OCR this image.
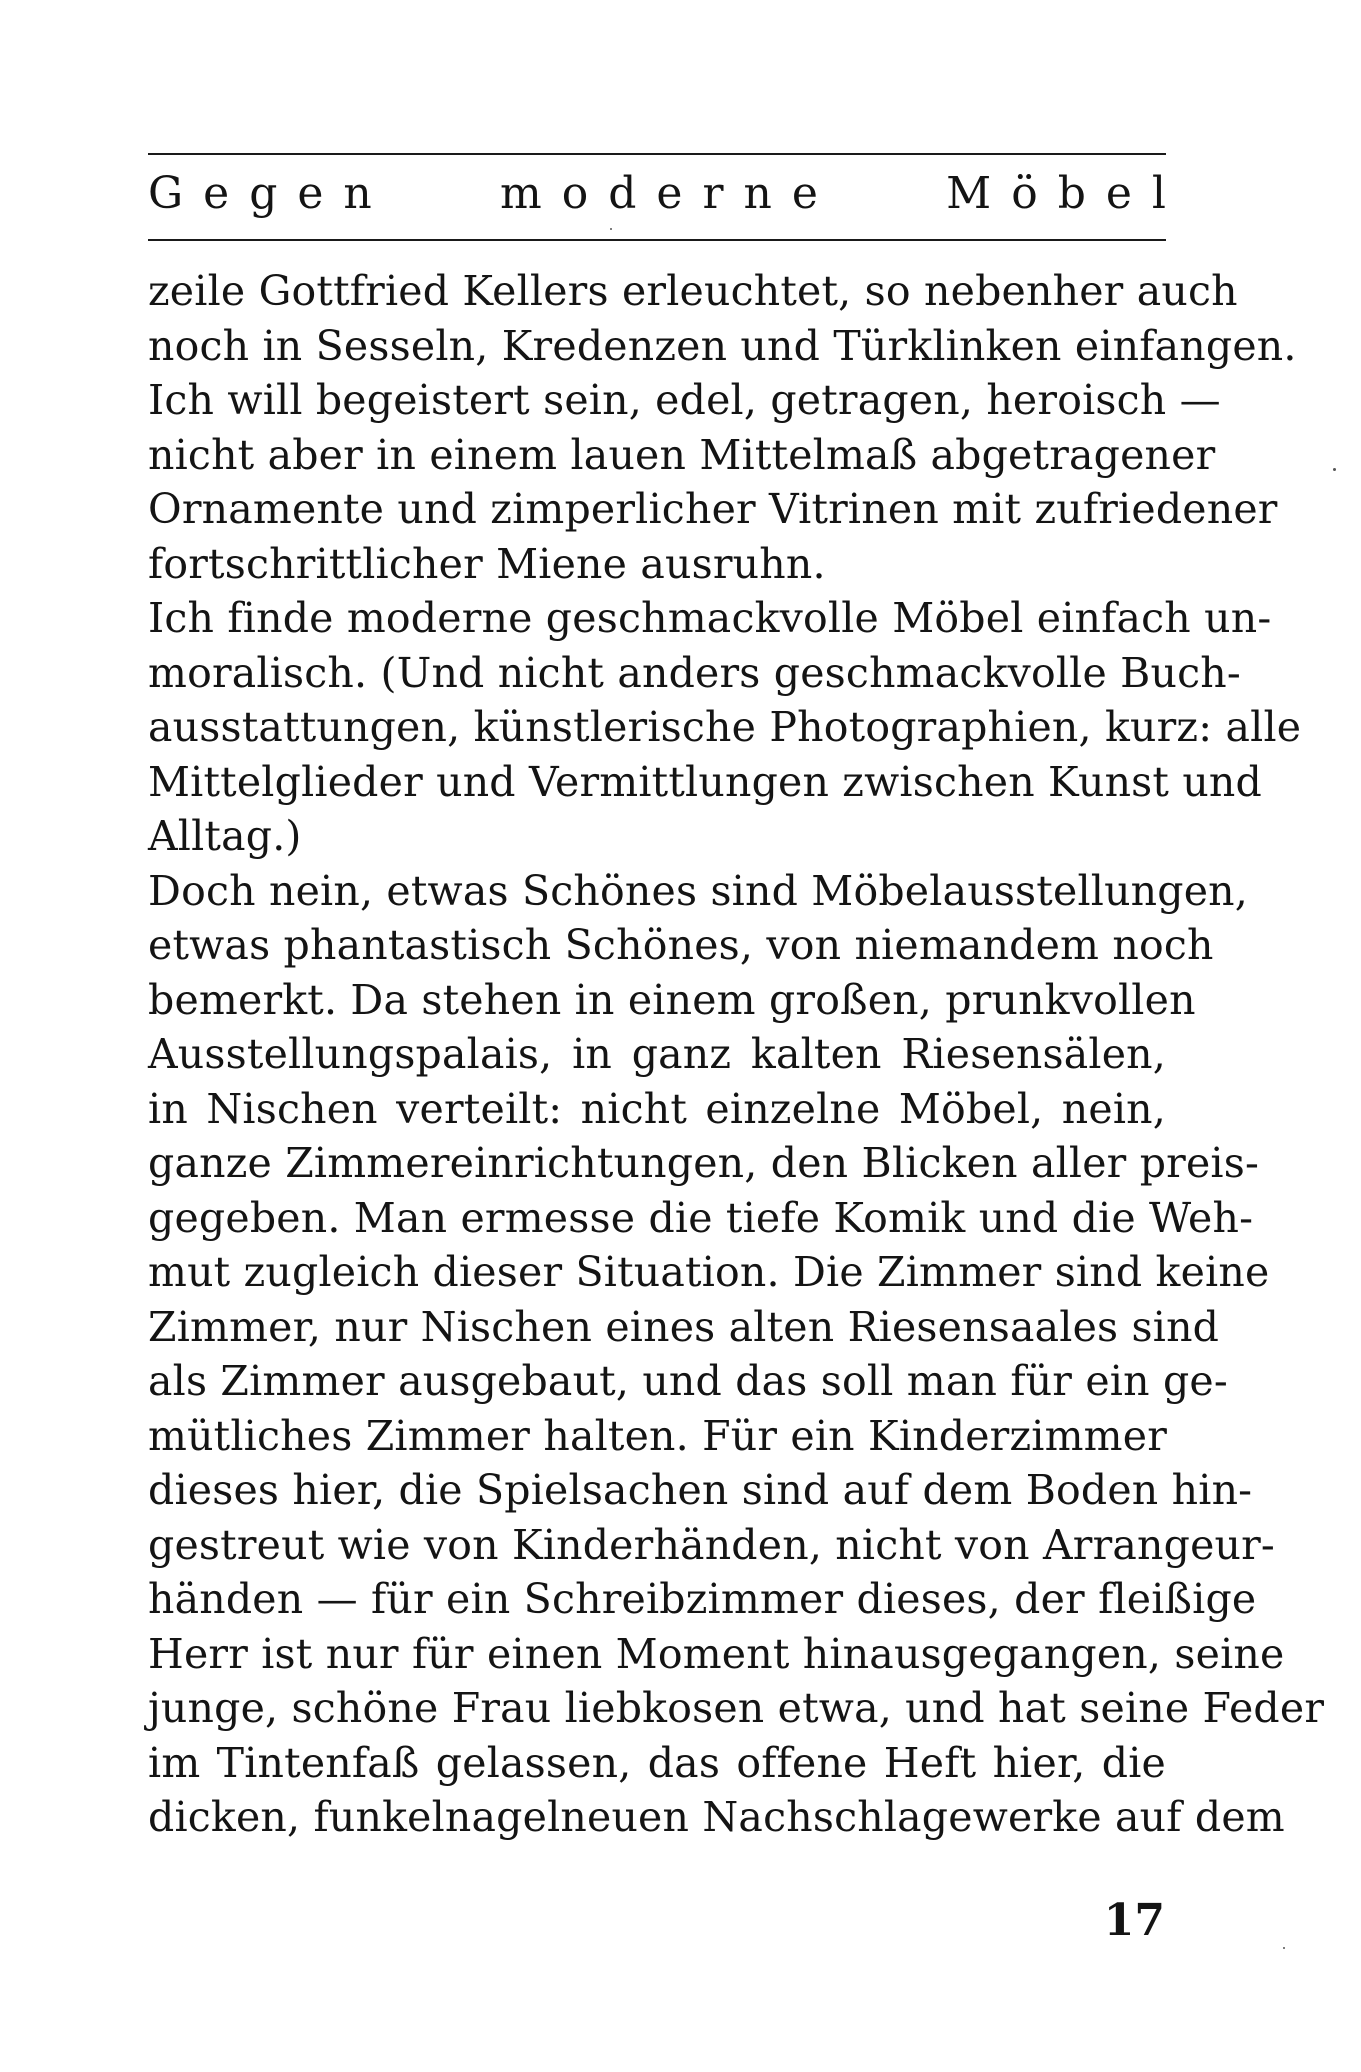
G e g e n	m o d e r n e	M ö b e l
zeile Gottfried Kellers erleuchtet, so nebenher auch
noch in Sesseln, Kredenzen und Türklinken einfangen.
Ich will begeistert sein, edel, getragen, heroisch —
nicht aber in einem lauen Mittelmaß abgetragener
Ornamente und zimperlicher Vitrinen mit zufriedener
fortschrittlicher Miene ausruhn.
Ich finde moderne geschmackvolle Möbel einfach un-
moralisch. (Und nicht anders geschmackvolle Buch-
ausstattungen, künstlerische Photographien, kurz: alle
Mittelglieder und Vermittlungen zwischen Kunst und
Alltag.)
Doch nein, etwas Schönes sind Möbelausstellungen,
etwas phantastisch Schönes, von niemandem noch
bemerkt. Da stehen in einem großen, prunkvollen
Ausstellungspalais, in ganz kalten Riesensälen,
in Nischen verteilt: nicht einzelne Möbel, nein,
ganze Zimmereinrichtungen, den Blicken aller preis-
gegeben. Man ermesse die tiefe Komik und die Weh-
mut zugleich dieser Situation. Die Zimmer sind keine
Zimmer, nur Nischen eines alten Riesensaales sind
als Zimmer ausgebaut, und das soll man für ein ge-
mütliches Zimmer halten. Für ein Kinderzimmer
dieses hier, die Spielsachen sind auf dem Boden hin-
gestreut wie von Kinderhänden, nicht von Arrangeur-
händen — für ein Schreibzimmer dieses, der fleißige
Herr ist nur für einen Moment hinausgegangen, seine
junge, schöne Frau liebkosen etwa, und hat seine Feder
im Tintenfaß gelassen, das offene Heft hier, die
dicken, funkelnagelneuen Nachschlagewerke auf dem
17
